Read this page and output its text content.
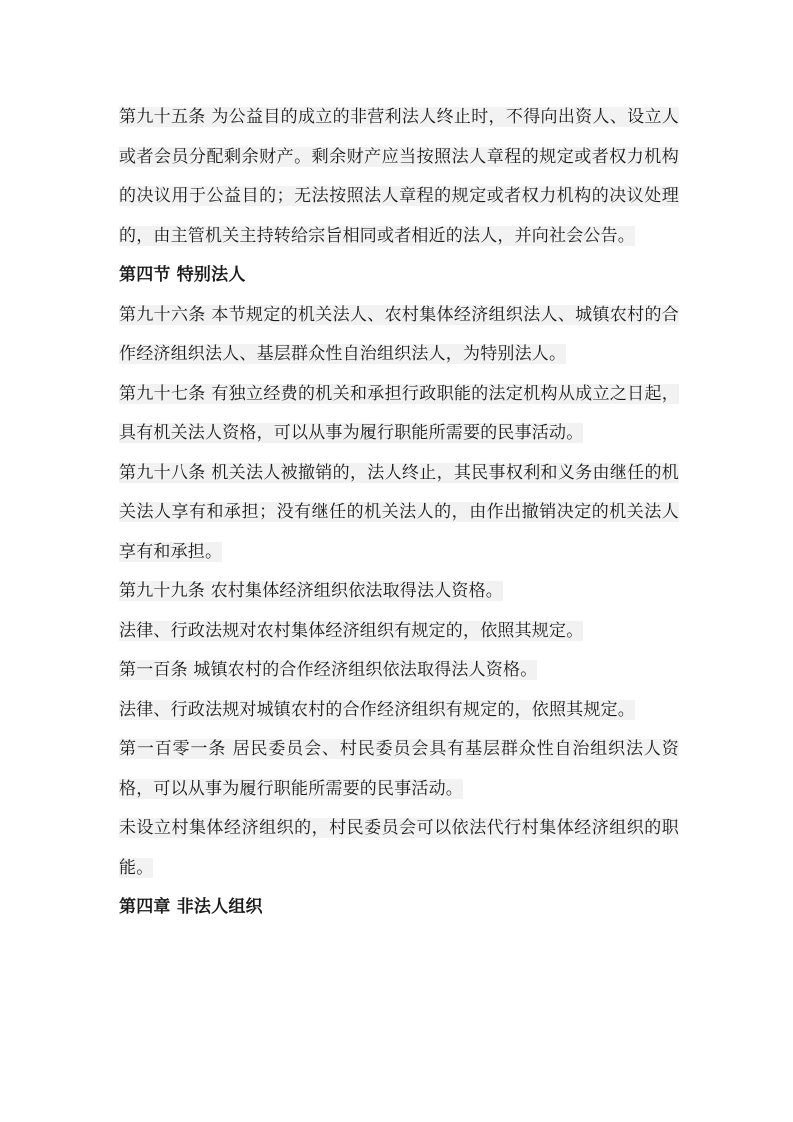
第九十五条 为公益目的成立的非营利法人终止时，不得向出资人、设立人或者会员分配剩余财产。剩余财产应当按照法人章程的规定或者权力机构的决议用于公益目的；无法按照法人章程的规定或者权力机构的决议处理的，由主管机关主持转给宗旨相同或者相近的法人，并向社会公告。

第四节 特别法人

第九十六条 本节规定的机关法人、农村集体经济组织法人、城镇农村的合作经济组织法人、基层群众性自治组织法人，为特别法人。

第九十七条 有独立经费的机关和承担行政职能的法定机构从成立之日起，具有机关法人资格，可以从事为履行职能所需要的民事活动。

第九十八条 机关法人被撤销的，法人终止，其民事权利和义务由继任的机关法人享有和承担；没有继任的机关法人的，由作出撤销决定的机关法人享有和承担。

第九十九条 农村集体经济组织依法取得法人资格。

法律、行政法规对农村集体经济组织有规定的，依照其规定。

第一百条 城镇农村的合作经济组织依法取得法人资格。

法律、行政法规对城镇农村的合作经济组织有规定的，依照其规定。

第一百零一条 居民委员会、村民委员会具有基层群众性自治组织法人资格，可以从事为履行职能所需要的民事活动。

未设立村集体经济组织的，村民委员会可以依法代行村集体经济组织的职能。

第四章 非法人组织
